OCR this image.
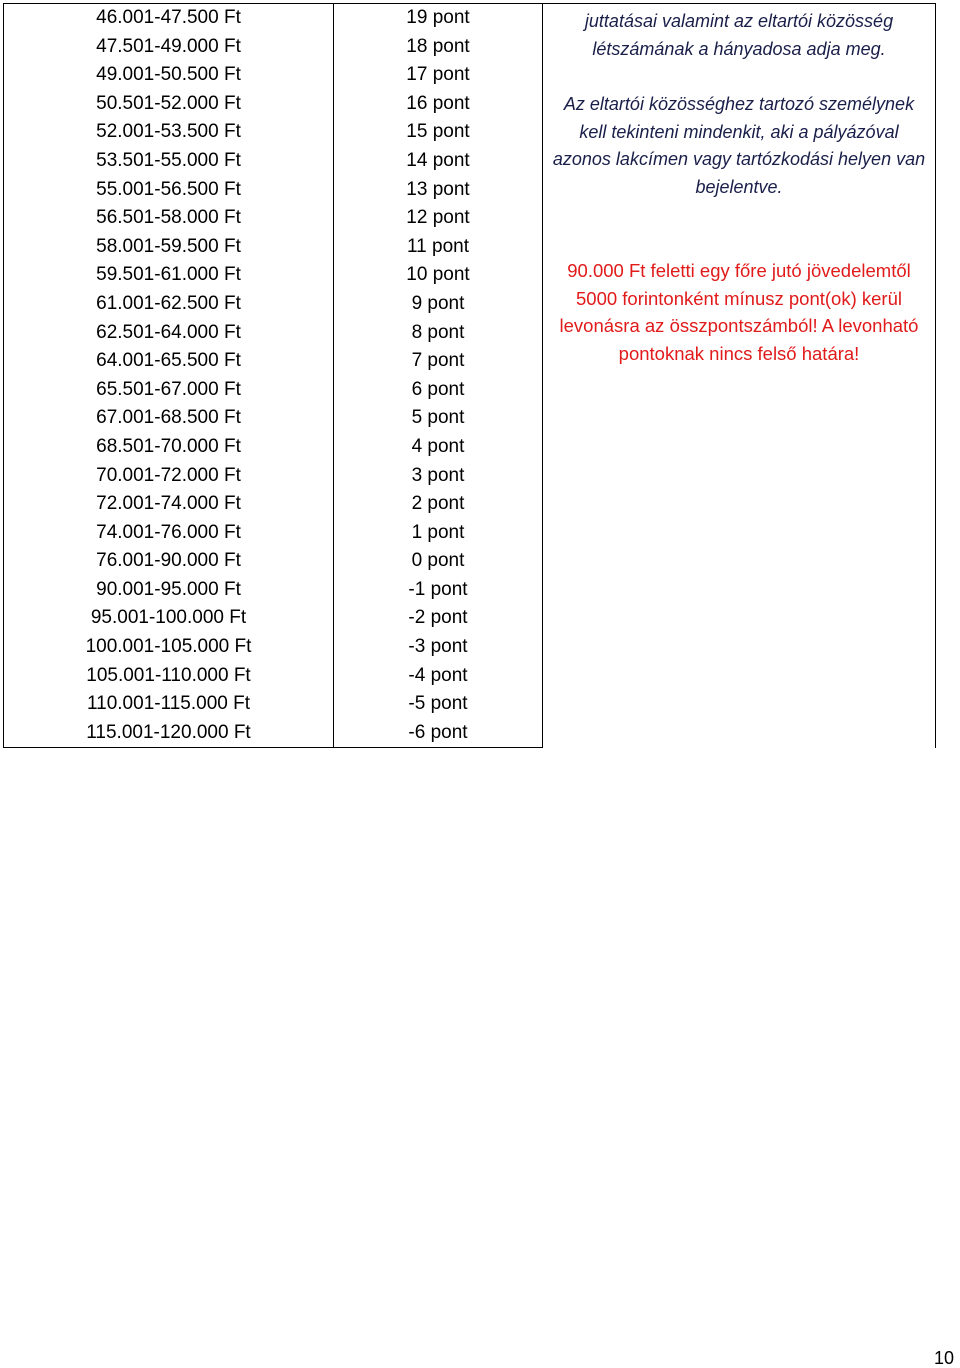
46.001-47.500 Ft	19 pont	juttatásai valamint az eltartói közösség létszámának a hányadosa adja meg.

Az eltartói közösséghez tartozó személynek kell tekinteni mindenkit, aki a pályázóval azonos lakcímen vagy tartózkodási helyen van bejelentve.

90.000 Ft feletti egy főre jutó jövedelemtől 5000 forintonként mínusz pont(ok) kerül levonásra az összpontszámból! A levonható pontoknak nincs felső határa!

47.501-49.000 Ft	18 pont	

49.001-50.500 Ft	17 pont	

50.501-52.000 Ft	16 pont	

52.001-53.500 Ft	15 pont	

53.501-55.000 Ft	14 pont	

55.001-56.500 Ft	13 pont	

56.501-58.000 Ft	12 pont	

58.001-59.500 Ft	11 pont	

59.501-61.000 Ft	10 pont	

61.001-62.500 Ft	9 pont	

62.501-64.000 Ft	8 pont	

64.001-65.500 Ft	7 pont	

65.501-67.000 Ft	6 pont	

67.001-68.500 Ft	5 pont	

68.501-70.000 Ft	4 pont	

70.001-72.000 Ft	3 pont	

72.001-74.000 Ft	2 pont	

74.001-76.000 Ft	1 pont	

76.001-90.000 Ft	0 pont	

90.001-95.000 Ft	-1 pont	

95.001-100.000 Ft	-2 pont	

100.001-105.000 Ft	-3 pont	

105.001-110.000 Ft	-4 pont	

110.001-115.000 Ft	-5 pont	

115.001-120.000 Ft	-6 pont	
10
